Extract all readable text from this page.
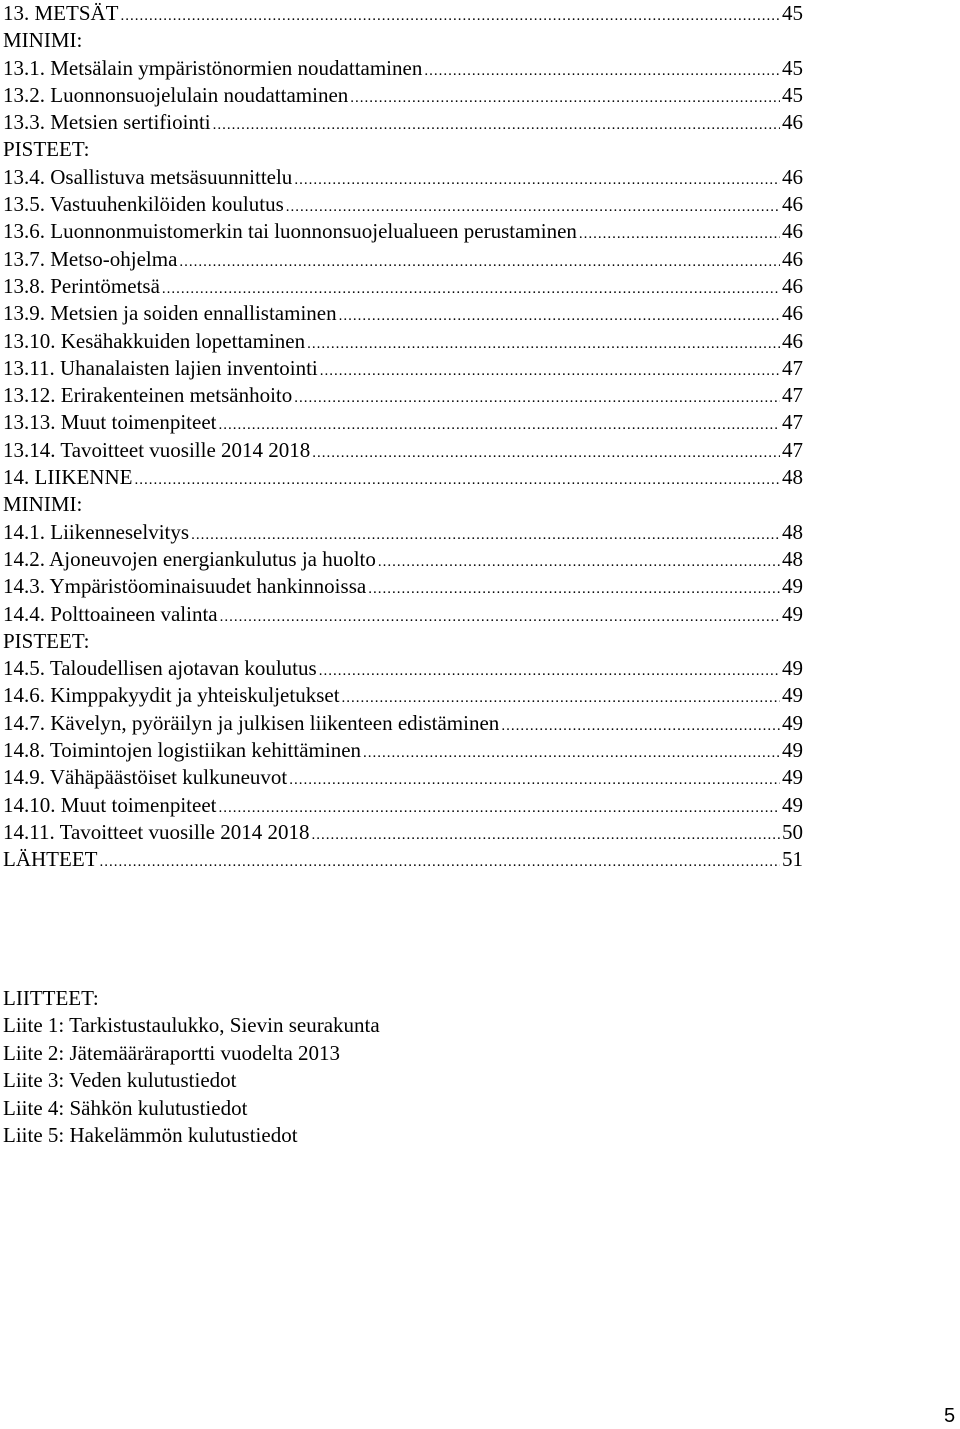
13. METSÄT .....	45
MINIMI:
13.1. Metsälain ympäristönormien noudattaminen .....	45
13.2. Luonnonsuojelulain noudattaminen .....	45
13.3. Metsien sertifiointi .....	46
PISTEET:
13.4. Osallistuva metsäsuunnittelu .....	46
13.5. Vastuuhenkilöiden koulutus .....	46
13.6. Luonnonmuistomerkin tai luonnonsuojelualueen perustaminen .....	46
13.7. Metso-ohjelma .....	46
13.8. Perintömetsä .....	46
13.9. Metsien ja soiden ennallistaminen .....	46
13.10. Kesähakkuiden lopettaminen .....	46
13.11. Uhanalaisten lajien inventointi .....	47
13.12. Erirakenteinen metsänhoito .....	47
13.13. Muut toimenpiteet .....	47
13.14. Tavoitteet vuosille 2014 2018 .....	47
14. LIIKENNE .....	48
MINIMI:
14.1. Liikenneselvitys .....	48
14.2. Ajoneuvojen energiankulutus ja huolto .....	48
14.3. Ympäristöominaisuudet hankinnoissa .....	49
14.4. Polttoaineen valinta .....	49
PISTEET:
14.5. Taloudellisen ajotavan koulutus .....	49
14.6. Kimppakyydit ja yhteiskuljetukset .....	49
14.7. Kävelyn, pyöräilyn ja julkisen liikenteen edistäminen .....	49
14.8. Toimintojen logistiikan kehittäminen .....	49
14.9. Vähäpäästöiset kulkuneuvot .....	49
14.10. Muut toimenpiteet .....	49
14.11. Tavoitteet vuosille 2014 2018 .....	50
LÄHTEET .....	51
LIITTEET:
Liite 1: Tarkistustaulukko, Sievin seurakunta
Liite 2: Jätemääräraportti vuodelta 2013
Liite 3: Veden kulutustiedot
Liite 4: Sähkön kulutustiedot
Liite 5: Hakelämmön kulutustiedot
5
